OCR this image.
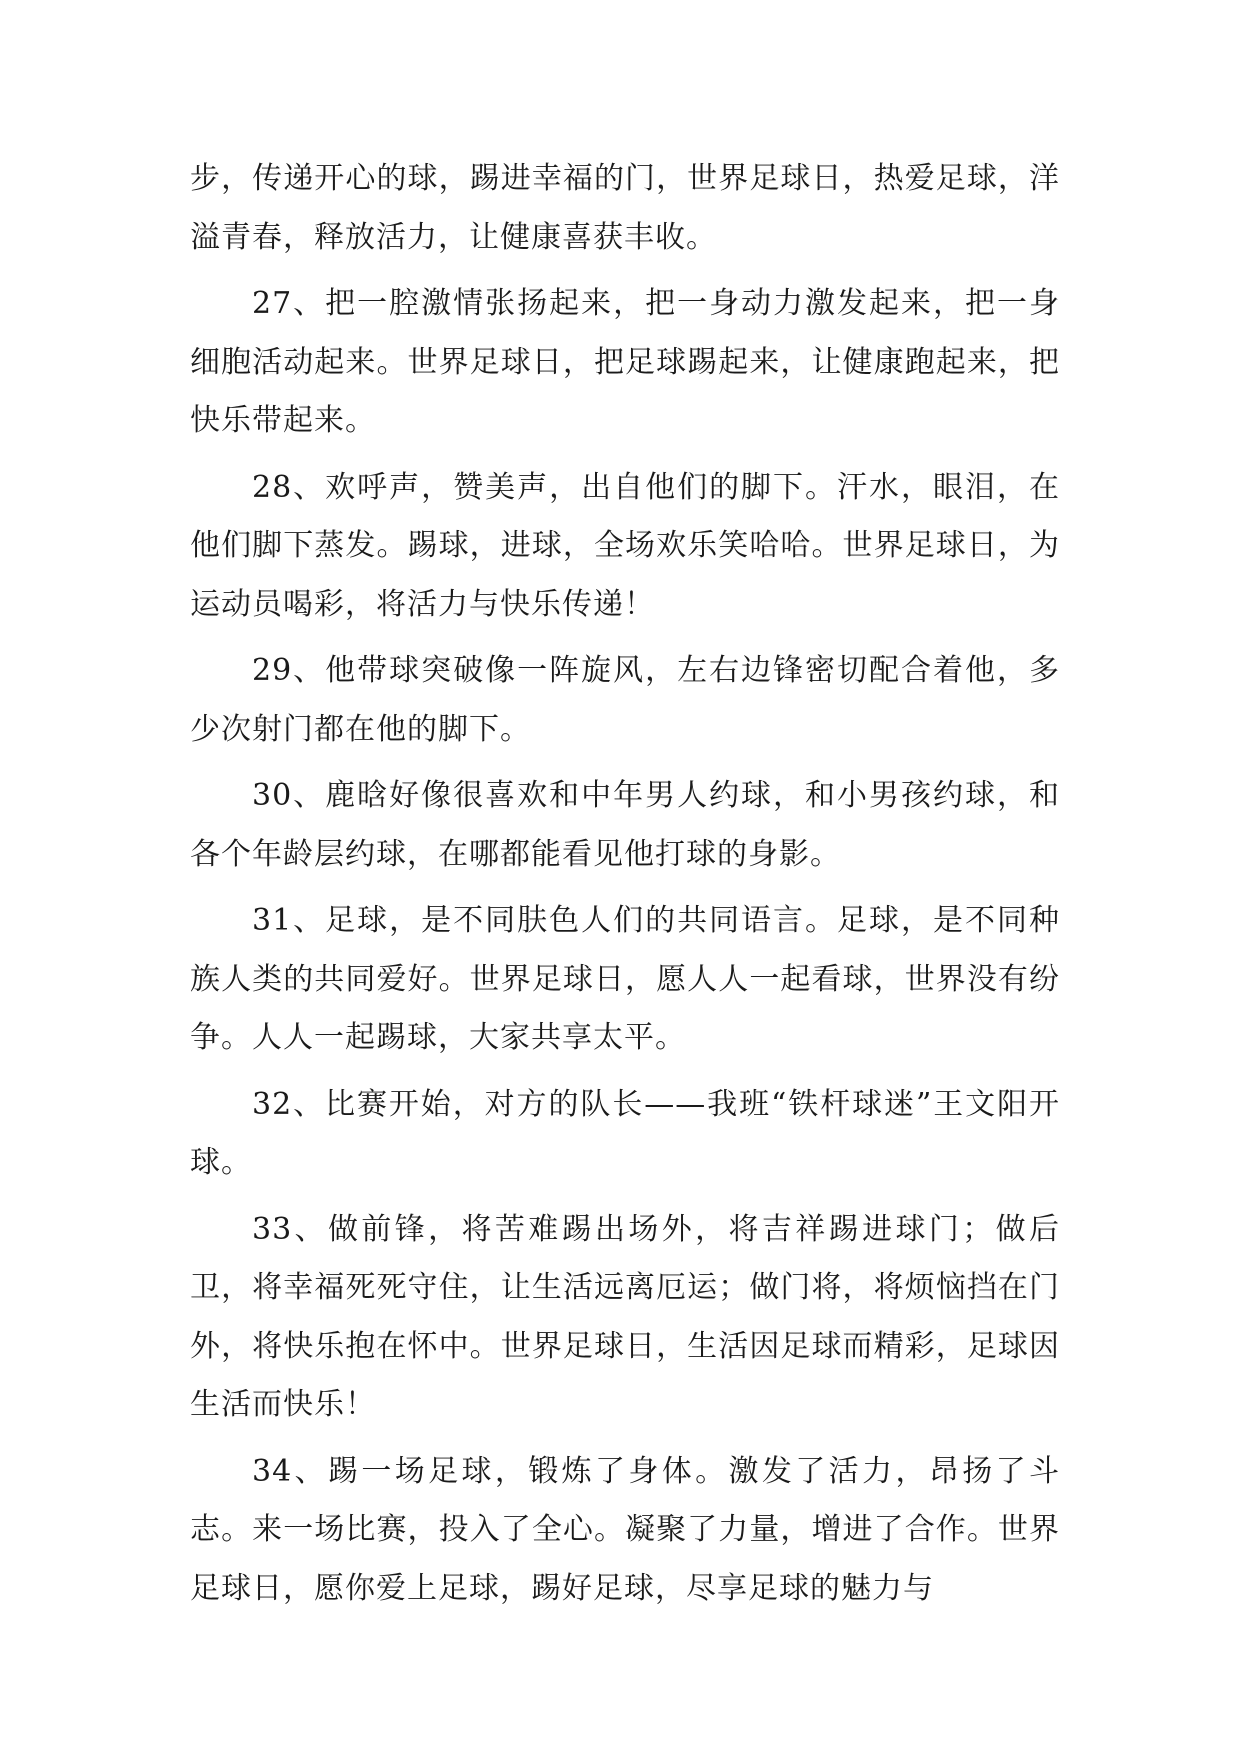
步，传递开心的球，踢进幸福的门，世界足球日，热爱足球，洋溢青春，释放活力，让健康喜获丰收。

27、把一腔激情张扬起来，把一身动力激发起来，把一身细胞活动起来。世界足球日，把足球踢起来，让健康跑起来，把快乐带起来。

28、欢呼声，赞美声，出自他们的脚下。汗水，眼泪，在他们脚下蒸发。踢球，进球，全场欢乐笑哈哈。世界足球日，为运动员喝彩，将活力与快乐传递！

29、他带球突破像一阵旋风，左右边锋密切配合着他，多少次射门都在他的脚下。

30、鹿晗好像很喜欢和中年男人约球，和小男孩约球，和各个年龄层约球，在哪都能看见他打球的身影。

31、足球，是不同肤色人们的共同语言。足球，是不同种族人类的共同爱好。世界足球日，愿人人一起看球，世界没有纷争。人人一起踢球，大家共享太平。

32、比赛开始，对方的队长——我班“铁杆球迷”王文阳开球。

33、做前锋，将苦难踢出场外，将吉祥踢进球门；做后卫，将幸福死死守住，让生活远离厄运；做门将，将烦恼挡在门外，将快乐抱在怀中。世界足球日，生活因足球而精彩，足球因生活而快乐！

34、踢一场足球，锻炼了身体。激发了活力，昂扬了斗志。来一场比赛，投入了全心。凝聚了力量，增进了合作。世界足球日，愿你爱上足球，踢好足球，尽享足球的魅力与
